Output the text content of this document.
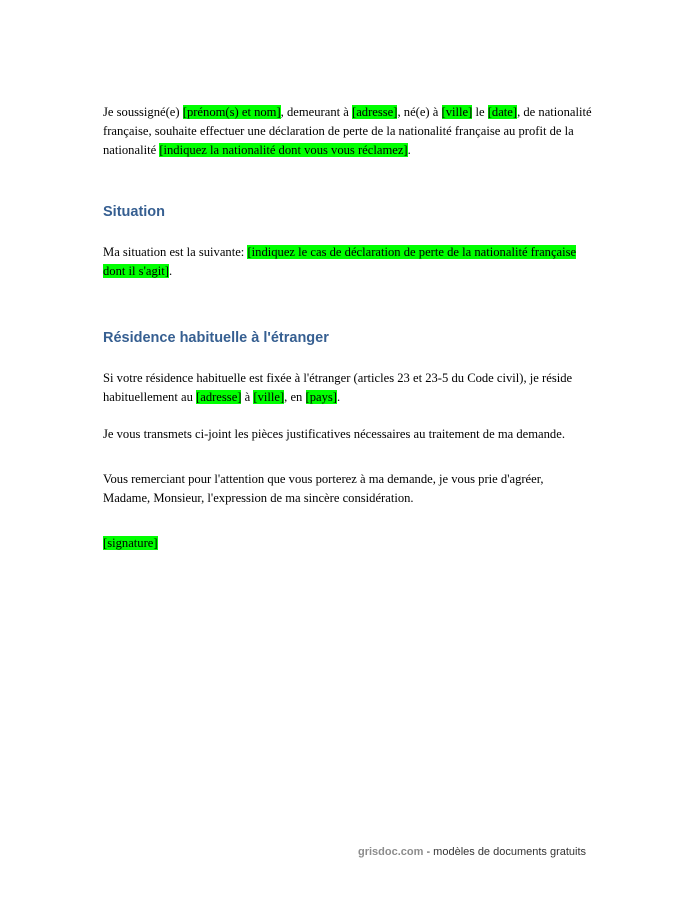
Je soussigné(e) [prénom(s) et nom], demeurant à [adresse], né(e) à [ville] le [date], de nationalité française, souhaite effectuer une déclaration de perte de la nationalité française au profit de la nationalité [indiquez la nationalité dont vous vous réclamez].

Situation

Ma situation est la suivante: [indiquez le cas de déclaration de perte de la nationalité française dont il s'agit].

Résidence habituelle à l'étranger

Si votre résidence habituelle est fixée à l'étranger (articles 23 et 23-5 du Code civil), je réside habituellement au [adresse] à [ville], en [pays].

Je vous transmets ci-joint les pièces justificatives nécessaires au traitement de ma demande.

Vous remerciant pour l'attention que vous porterez à ma demande, je vous prie d'agréer, Madame, Monsieur, l'expression de ma sincère considération.

[signature]

grisdoc.com - modèles de documents gratuits
